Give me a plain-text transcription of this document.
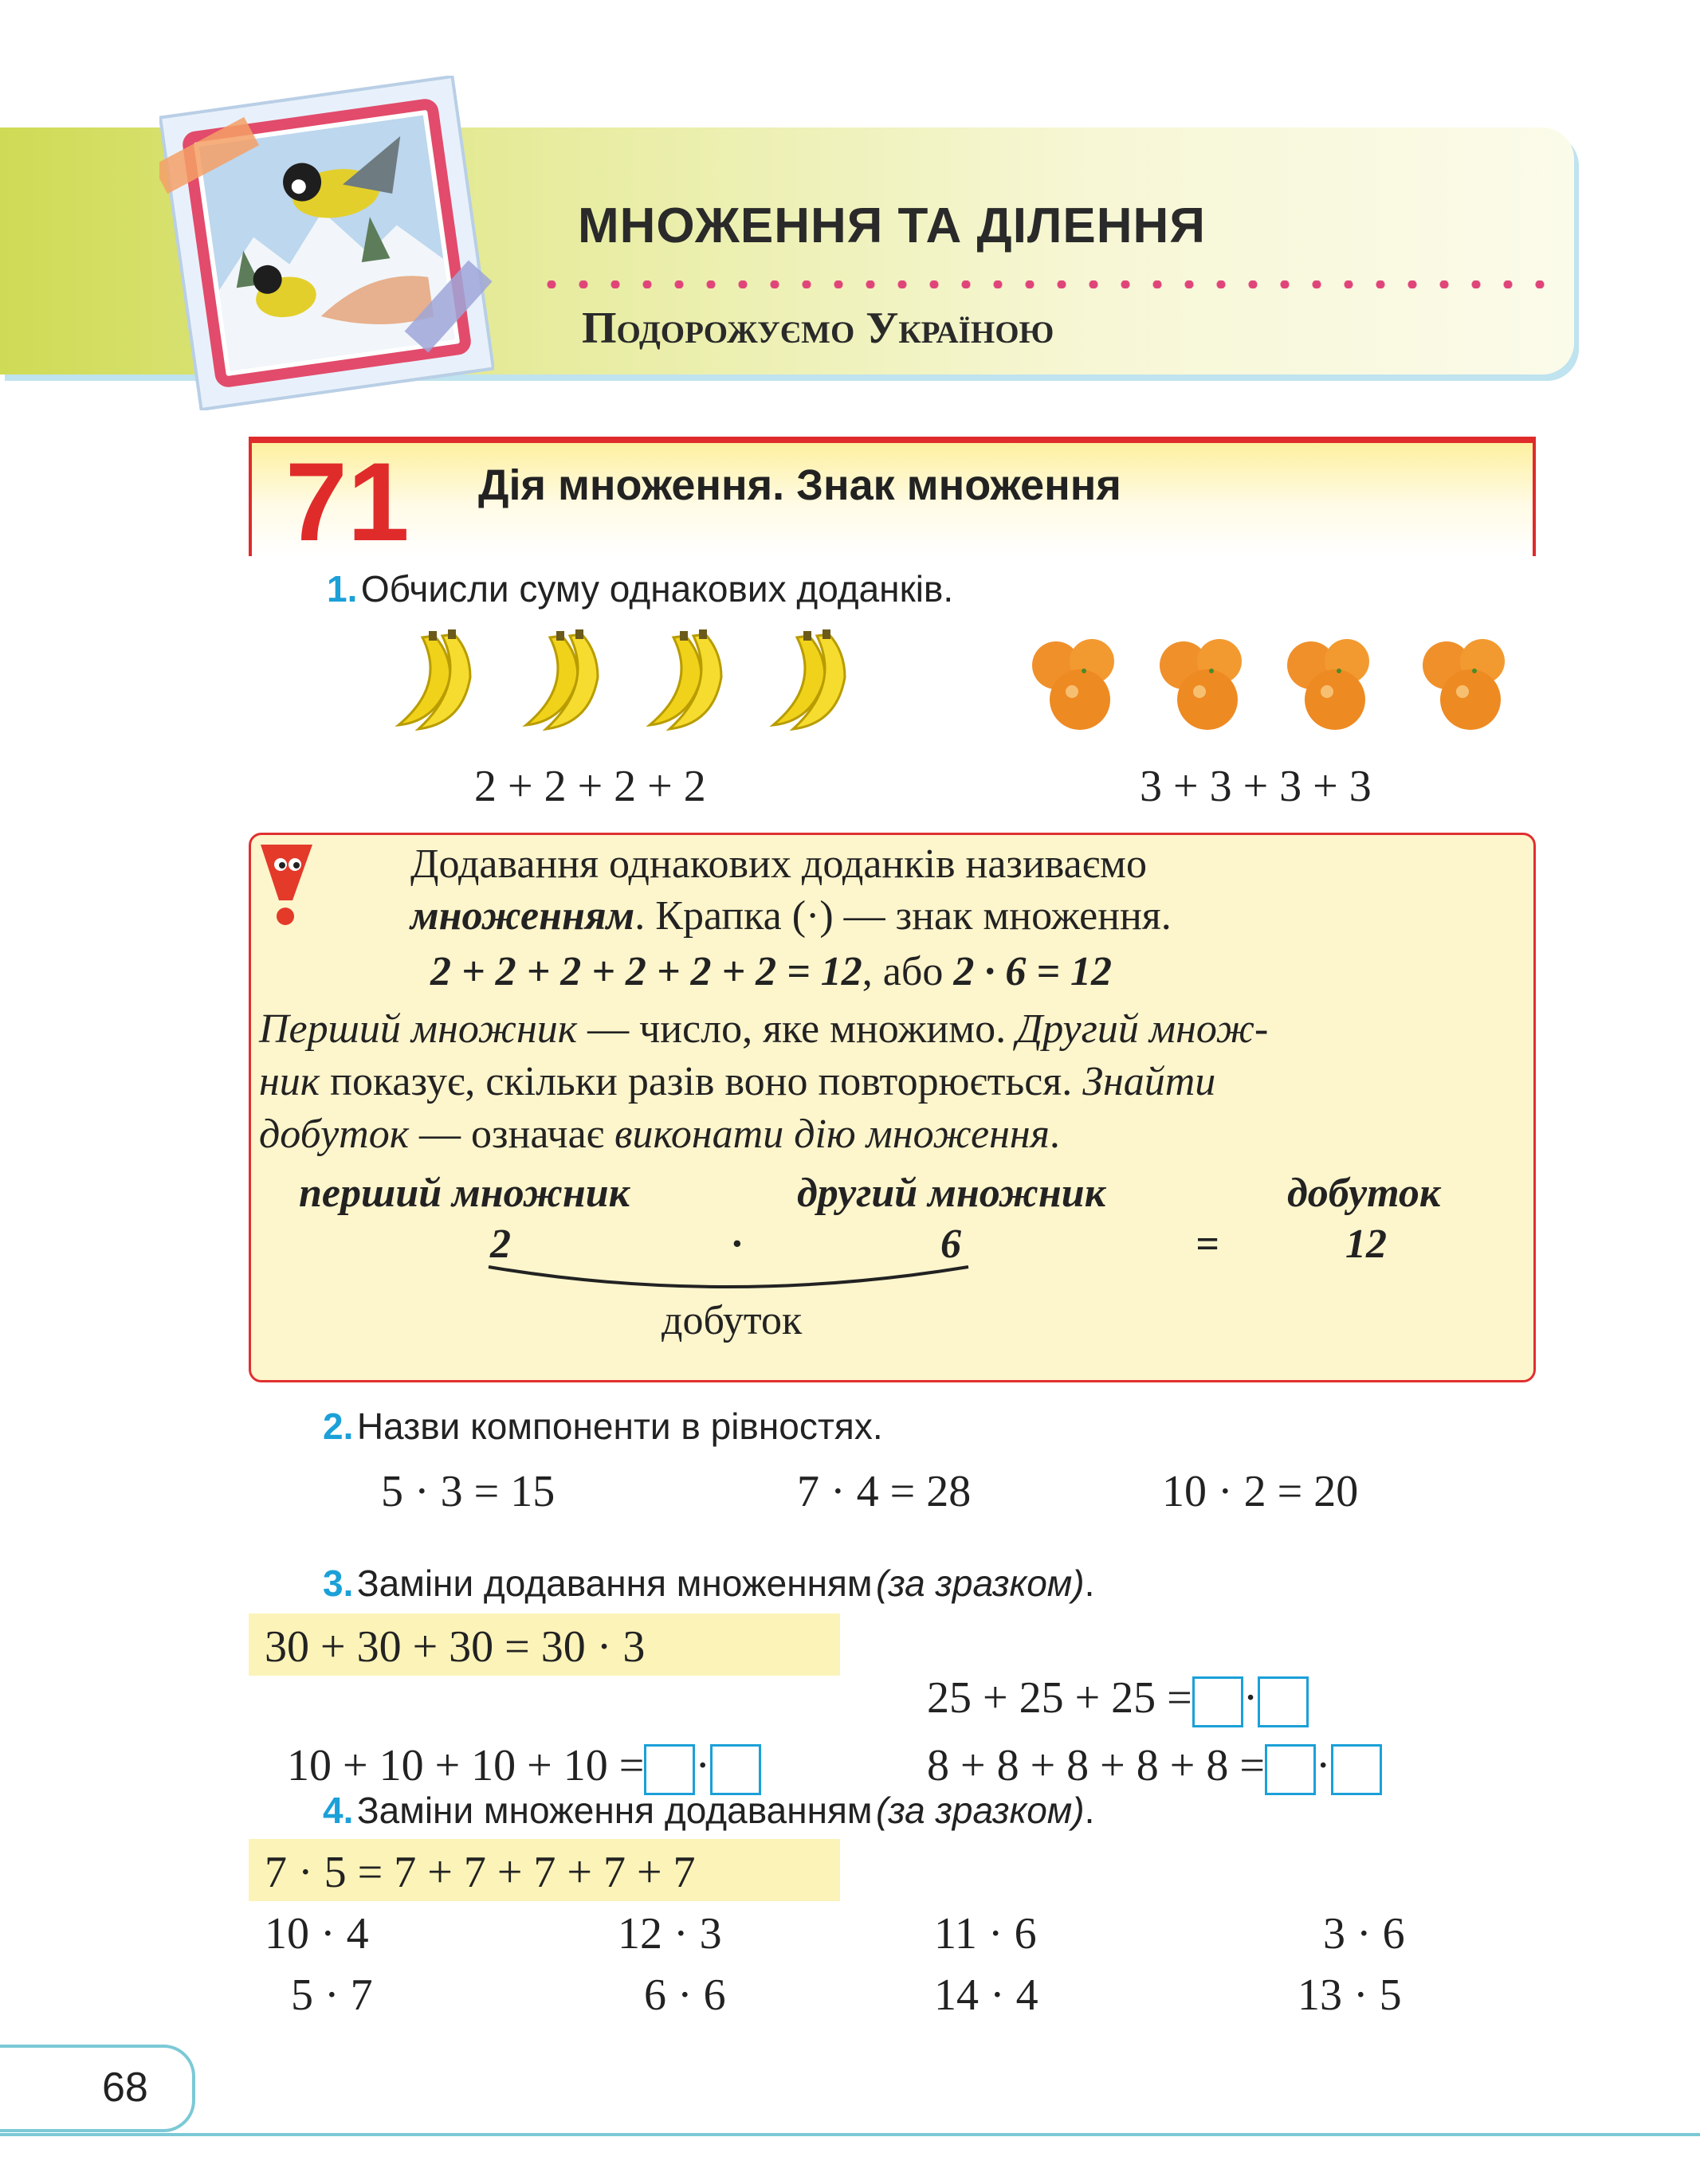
МНОЖЕННЯ ТА ДІЛЕННЯ
Подорожуємо Україною
71 Дія множення. Знак множення
1. Обчисли суму однакових доданків.
2 + 2 + 2 + 2	3 + 3 + 3 + 3
Додавання однакових доданків називаємо
множенням. Крапка (·) — знак множення.
2 + 2 + 2 + 2 + 2 + 2 = 12, або 2 · 6 = 12
Перший множник — число, яке множимо. Другий множ-
ник показує, скільки разів воно повторюється. Знайти
добуток — означає виконати дію множення.
перший множник	другий множник	добуток
2	·	6	=	12
добуток
2. Назви компоненти в рівностях.
5 · 3 = 15	7 · 4 = 28	10 · 2 = 20
3. Заміни додавання множенням (за зразком).
30 + 30 + 30 = 30 · 3

25 + 25 + 25 = ·

10 + 10 + 10 + 10 = ·	8 + 8 + 8 + 8 + 8 = ·

4. Заміни множення додаванням (за зразком).
7 · 5 = 7 + 7 + 7 + 7 + 7
10 · 4	12 · 3	11 · 6	3 · 6
5 · 7	6 · 6	14 · 4	13 · 5
68
